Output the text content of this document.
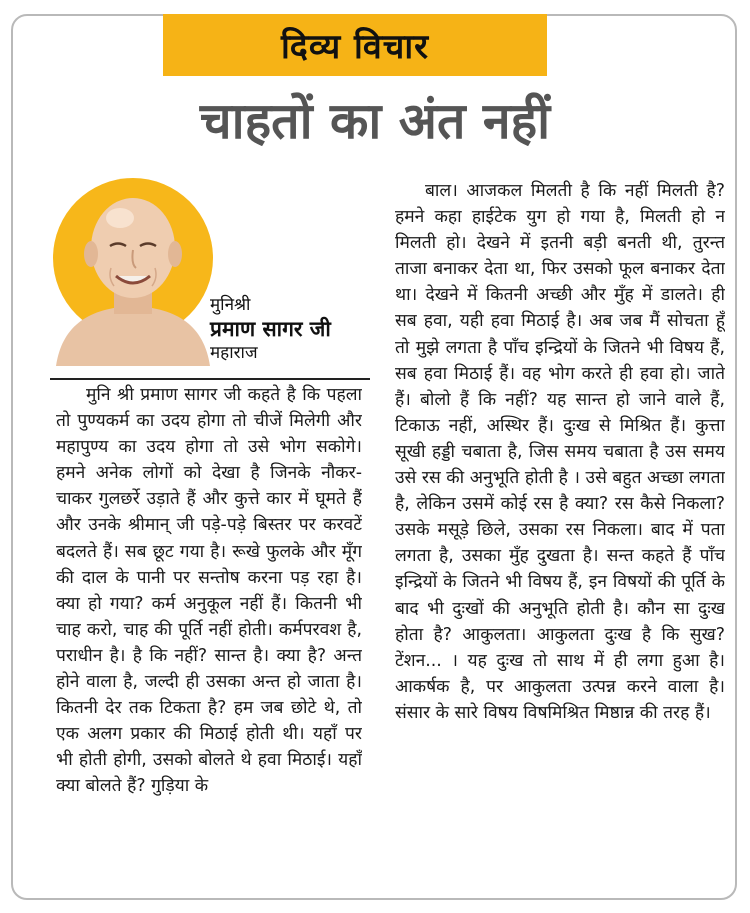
दिव्य विचार
चाहतों का अंत नहीं
मुनिश्री
प्रमाण सागर जी
महाराज

मुनि श्री प्रमाण सागर जी कहते है कि पहला तो पुण्यकर्म का उदय होगा तो चीजें मिलेगी और महापुण्य का उदय होगा तो उसे भोग सकोगे। हमने अनेक लोगों को देखा है जिनके नौकर-चाकर गुलछर्रे उड़ाते हैं और कुत्ते कार में घूमते हैं और उनके श्रीमान् जी पड़े-पड़े बिस्तर पर करवटें बदलते हैं। सब छूट गया है। रूखे फुलके और मूँग की दाल के पानी पर सन्तोष करना पड़ रहा है। क्या हो गया? कर्म अनुकूल नहीं हैं। कितनी भी चाह करो, चाह की पूर्ति नहीं होती। कर्मपरवश है, पराधीन है। है कि नहीं? सान्त है। क्या है? अन्त होने वाला है, जल्दी ही उसका अन्त हो जाता है। कितनी देर तक टिकता है? हम जब छोटे थे, तो एक अलग प्रकार की मिठाई होती थी। यहाँ पर भी होती होगी, उसको बोलते थे हवा मिठाई। यहाँ क्या बोलते हैं? गुड़िया के

बाल। आजकल मिलती है कि नहीं मिलती है? हमने कहा हाईटेक युग हो गया है, मिलती हो न मिलती हो। देखने में इतनी बड़ी बनती थी, तुरन्त ताजा बनाकर देता था, फिर उसको फूल बनाकर देता था। देखने में कितनी अच्छी और मुँह में डालते। ही सब हवा, यही हवा मिठाई है। अब जब मैं सोचता हूँ तो मुझे लगता है पाँच इन्द्रियों के जितने भी विषय हैं, सब हवा मिठाई हैं। वह भोग करते ही हवा हो। जाते हैं। बोलो हैं कि नहीं? यह सान्त हो जाने वाले हैं, टिकाऊ नहीं, अस्थिर हैं। दुःख से मिश्रित हैं। कुत्ता सूखी हड्डी चबाता है, जिस समय चबाता है उस समय उसे रस की अनुभूति होती है । उसे बहुत अच्छा लगता है, लेकिन उसमें कोई रस है क्या? रस कैसे निकला? उसके मसूड़े छिले, उसका रस निकला। बाद में पता लगता है, उसका मुँह दुखता है। सन्त कहते हैं पाँच इन्द्रियों के जितने भी विषय हैं, इन विषयों की पूर्ति के बाद भी दुःखों की अनुभूति होती है। कौन सा दुःख होता है? आकुलता। आकुलता दुःख है कि सुख? टेंशन... । यह दुःख तो साथ में ही लगा हुआ है। आकर्षक है, पर आकुलता उत्पन्न करने वाला है। संसार के सारे विषय विषमिश्रित मिष्ठान्न की तरह हैं।
